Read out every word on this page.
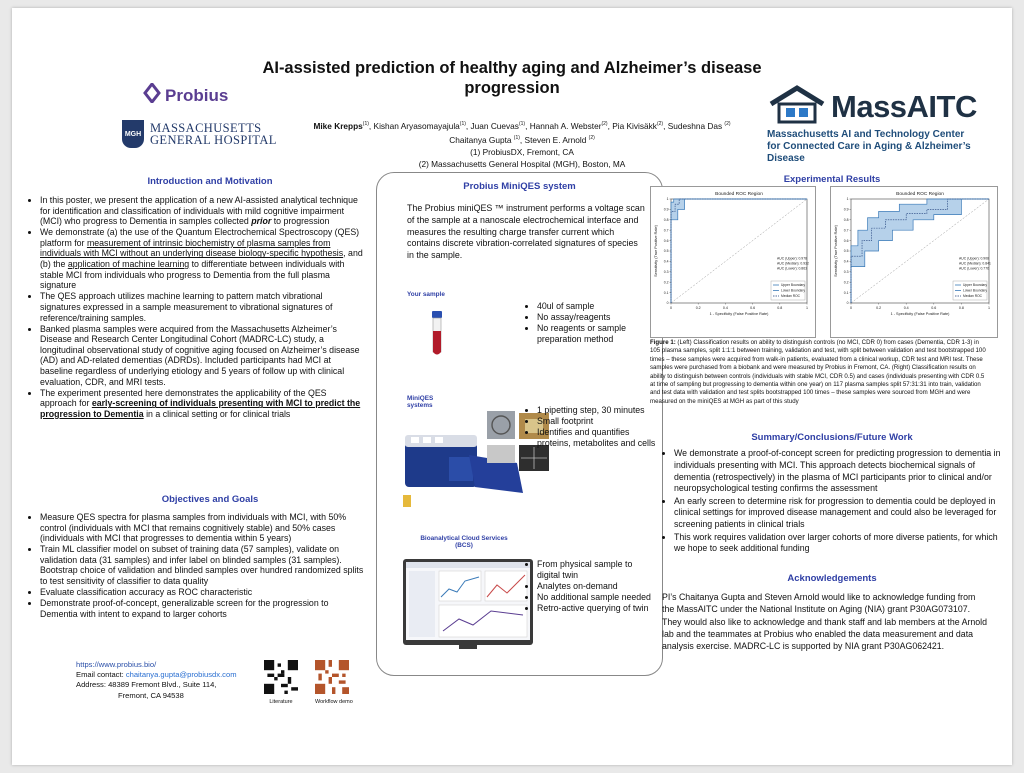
Probius
MGH MASSACHUSETTS
GENERAL HOSPITAL
AI-assisted prediction of healthy aging and Alzheimer’s disease
progression
Mike Krepps$^{(1)}$, Kishan Aryasomayajula$^{(1)}$, Juan Cuevas$^{(1)}$, Hannah A. Webster$^{(2)}$, Pia Kivisäkk$^{(2)}$, Sudeshna Das $^{(2)}$
Chaitanya Gupta $^{(1)}$, Steven E. Arnold $^{(2)}$
(1) ProbiusDX, Fremont, CA
(2) Massachusetts General Hospital (MGH), Boston, MA
MassAITC
Massachusetts AI and Technology Center
for Connected Care in Aging & Alzheimer’s Disease
Introduction and Motivation
• In this poster, we present the application of a new AI-assisted analytical technique for identification and classification of individuals with mild cognitive impairment (MCI) who progress to Dementia in samples collected prior to progression
• We demonstrate (a) the use of the Quantum Electrochemical Spectroscopy (QES) platform for measurement of intrinsic biochemistry of plasma samples from individuals with MCI without an underlying disease biology-specific hypothesis, and (b) the application of machine learning to differentiate between individuals with stable MCI from individuals who progress to Dementia from the full plasma signature
• The QES approach utilizes machine learning to pattern match vibrational signatures expressed in a sample measurement to vibrational signatures of reference/training samples.
• Banked plasma samples were acquired from the Massachusetts Alzheimer’s Disease and Research Center Longitudinal Cohort (MADRC-LC) study, a longitudinal observational study of cognitive aging focused on Alzheimer’s disease (AD) and AD-related dementias (ADRDs). Included participants had MCI at baseline regardless of underlying etiology and 5 years of follow up with clinical evaluation, CDR, and MRI tests.
• The experiment presented here demonstrates the applicability of the QES approach for early-screening of individuals presenting with MCI to predict the progression to Dementia in a clinical setting or for clinical trials
Objectives and Goals
• Measure QES spectra for plasma samples from individuals with MCI, with 50% control (individuals with MCI that remains cognitively stable) and 50% cases (individuals with MCI that progresses to dementia within 5 years)
• Train ML classifier model on subset of training data (57 samples), validate on validation data (31 samples) and infer label on blinded samples (31 samples). Bootstrap choice of validation and blinded samples over hundred randomized splits to test sensitivity of classifier to data quality
• Evaluate classification accuracy as ROC characteristic
• Demonstrate proof-of-concept, generalizable screen for the progression to Dementia with intent to expand to larger cohorts
https://www.probius.bio/
Email contact: chaitanya.gupta@probiusdx.com
Address: 48389 Fremont Blvd., Suite 114,
Fremont, CA 94538
Literature	Workflow demo
Probius MiniQES system
The Probius miniQES ™ instrument performs a voltage scan of the sample at a nanoscale electrochemical interface and measures the resulting charge transfer current which contains discrete vibration-correlated signatures of species in the sample.
Your sample
• 40ul of sample
• No assay/reagents
• No reagents or sample preparation method
MiniQES
systems
•	1 pipetting step, 30 minutes
• Small footprint
• Identifies and quantifies proteins, metabolites and cells
Bioanalytical Cloud Services
(BCS)
• From physical sample to digital twin
• Analytes on-demand
• No additional sample needed
• Retro-active querying of twin
Experimental Results
Bounded ROC Region
0	0.2	0.4	0.6	0.8	1
0
0.1
0.2
0.3
0.4
0.5
0.6
0.7
0.8
0.9
1
1 - Specificity (False Positive Rate)
Sensitivity (True Positive Rate)	AUC (Upper): 0.978
AUC (Median): 0.932
AUC (Lower): 0.863
Upper Boundary
Lower Boundary
Median ROC
Bounded ROC Region
0	0.2	0.4	0.6	0.8	1
0
0.1
0.2
0.3
0.4
0.5
0.6
0.7
0.8
0.9
1
1 - Specificity (False Positive Rate)
Sensitivity (True Positive Rate)	AUC (Upper): 0.908
AUC (Median): 0.841
AUC (Lower): 0.776
Upper Boundary
Lower Boundary
Median ROC
Figure 1: (Left) Classification results on ability to distinguish controls (no MCI, CDR 0) from cases (Dementia, CDR 1-3) in 105 plasma samples, split 1:1:1 between training, validation and test, with split between validation and test bootstrapped 100 times – these samples were acquired from walk-in patients, evaluated from a clinical workup, CDR test and MRI test. These samples were purchased from a biobank and were measured by Probius in Fremont, CA. (Right) Classification results on ability to distinguish between controls (individuals with stable MCI, CDR 0.5) and cases (individuals presenting with CDR 0.5 at time of sampling but progressing to dementia within one year) on 117 plasma samples split 57:31:31 into train, validation and test data with validation and test splits bootstrapped 100 times – these samples were sourced from MGH and were measured on the miniQES at MGH as part of this study
Summary/Conclusions/Future Work
• We demonstrate a proof-of-concept screen for predicting progression to dementia in individuals presenting with MCI. This approach detects biochemical signals of dementia (retrospectively) in the plasma of MCI participants prior to clinical and/or neuropsychological testing confirms the assessment
• An early screen to determine risk for progression to dementia could be deployed in clinical settings for improved disease management and could also be leveraged for screening patients in clinical trials
• This work requires validation over larger cohorts of more diverse patients, for which we hope to seek additional funding
Acknowledgements
PI’s Chaitanya Gupta and Steven Arnold would like to acknowledge funding from the MassAITC under the National Institute on Aging (NIA) grant P30AG073107. They would also like to acknowledge and thank staff and lab members at the Arnold lab and the teammates at Probius who enabled the data measurement and data analysis exercise. MADRC-LC is supported by NIA grant P30AG062421.
